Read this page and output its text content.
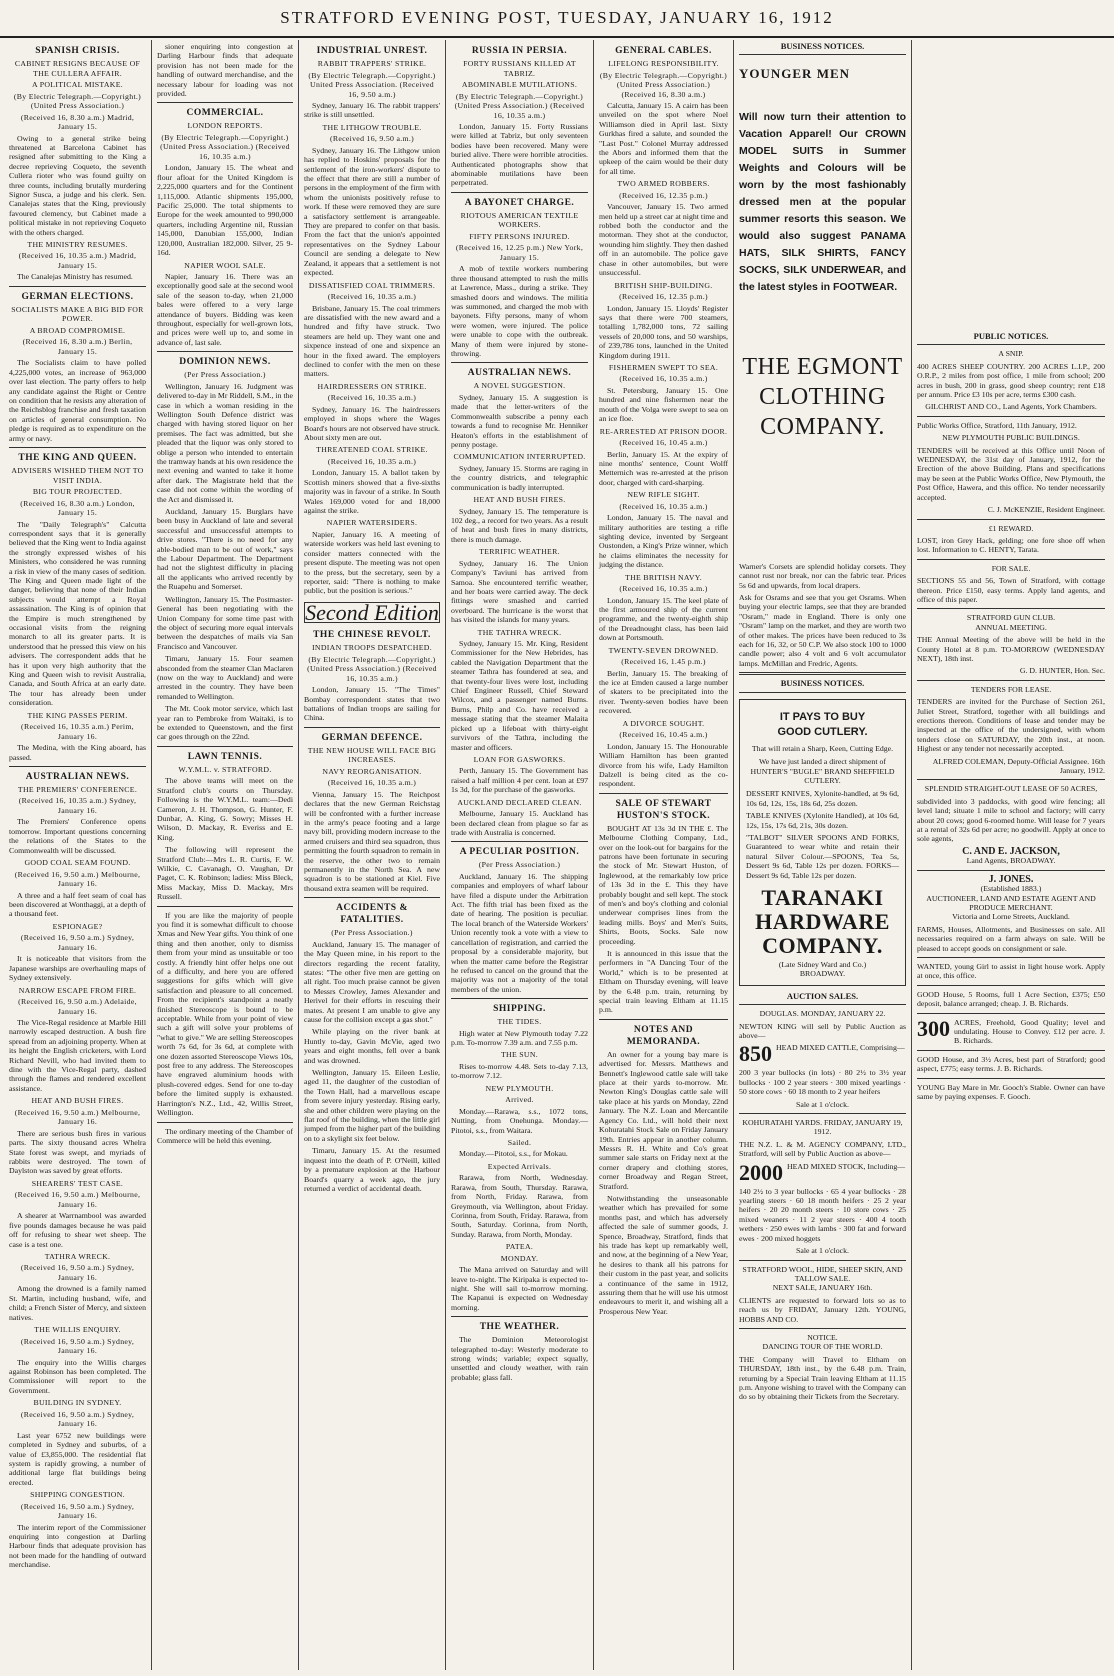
STRATFORD EVENING POST, TUESDAY, JANUARY 16, 1912
SPANISH CRISIS.
CABINET RESIGNS BECAUSE OF THE CULLERA AFFAIR.
A POLITICAL MISTAKE.
(By Electric Telegraph.—Copyright.) (United Press Association.)
(Received 16, 8.30 a.m.) Madrid, January 15.

Owing to a general strike being threatened at Barcelona Cabinet has resigned after submitting to the King a decree reprieving Coqueto, the seventh Cullera rioter who was found guilty on three counts, including brutally murdering Signor Susca, a judge and his clerk. Sen. Canalejas states that the King, previously favoured clemency, but Cabinet made a political mistake in not reprieving Coqueto with the others charged.

THE MINISTRY RESUMES.
(Received 16, 10.35 a.m.) Madrid, January 15.

The Canalejas Ministry has resumed.

GERMAN ELECTIONS.
SOCIALISTS MAKE A BIG BID FOR POWER.
A BROAD COMPROMISE.
(Received 16, 8.30 a.m.) Berlin, January 15.

The Socialists claim to have polled 4,225,000 votes, an increase of 963,000 over last election. The party offers to help any candidate against the Right or Centre on condition that he resists any alteration of the Reichsblog franchise and fresh taxation on articles of general consumption. No pledge is required as to expenditure on the army or navy.

THE KING AND QUEEN.
ADVISERS WISHED THEM NOT TO VISIT INDIA.
BIG TOUR PROJECTED.
(Received 16, 8.30 a.m.) London, January 15.

The "Daily Telegraph's" Calcutta correspondent says that it is generally believed that the King went to India against the strongly expressed wishes of his Ministers, who considered he was running a risk in view of the many cases of sedition. The King and Queen made light of the danger, believing that none of their Indian subjects would attempt a Royal assassination. The King is of opinion that the Empire is much strengthened by occasional visits from the reigning monarch to all its greater parts. It is understood that he pressed this view on his advisers. The correspondent adds that he has it upon very high authority that the King and Queen wish to revisit Australia, Canada, and South Africa at an early date. The tour has already been under consideration.

THE KING PASSES PERIM.
(Received 16, 10.35 a.m.) Perim, January 16.

The Medina, with the King aboard, has passed.

AUSTRALIAN NEWS.
THE PREMIERS' CONFERENCE.
(Received 16, 10.35 a.m.) Sydney, January 16.

The Premiers' Conference opens tomorrow. Important questions concerning the relations of the States to the Commonwealth will be discussed.

GOOD COAL SEAM FOUND.
(Received 16, 9.50 a.m.) Melbourne, January 16.

A three and a half feet seam of coal has been discovered at Wonthaggi, at a depth of a thousand feet.

ESPIONAGE?
(Received 16, 9.50 a.m.) Sydney, January 16.

It is noticeable that visitors from the Japanese warships are overhauling maps of Sydney extensively.

NARROW ESCAPE FROM FIRE.
(Received 16, 9.50 a.m.) Adelaide, January 16.

The Vice-Regal residence at Marble Hill narrowly escaped destruction. A bush fire spread from an adjoining property. When at its height the English cricketers, with Lord Richard Nevill, who had invited them to dine with the Vice-Regal party, dashed through the flames and rendered excellent assistance.

HEAT AND BUSH FIRES.
(Received 16, 9.50 a.m.) Melbourne, January 16.

There are serious bush fires in various parts. The sixty thousand acres Whelra State forest was swept, and myriads of rabbits were destroyed. The town of Daylston was saved by great efforts.

SHEARERS' TEST CASE.
(Received 16, 9.50 a.m.) Melbourne, January 16.

A shearer at Warrnambool was awarded five pounds damages because he was paid off for refusing to shear wet sheep. The case is a test one.

TATHRA WRECK.
(Received 16, 9.50 a.m.) Sydney, January 16.

Among the drowned is a family named St. Martin, including husband, wife, and child; a French Sister of Mercy, and sixteen natives.

THE WILLIS ENQUIRY.
(Received 16, 9.50 a.m.) Sydney, January 16.

The enquiry into the Willis charges against Robinson has been completed. The Commissioner will report to the Government.

BUILDING IN SYDNEY.
(Received 16, 9.50 a.m.) Sydney, January 16.

Last year 6752 new buildings were completed in Sydney and suburbs, of a value of £3,855,000. The residential flat system is rapidly growing, a number of additional large flat buildings being erected.

SHIPPING CONGESTION.
(Received 16, 9.50 a.m.) Sydney, January 16.

The interim report of the Commissioner enquiring into congestion at Darling Harbour finds that adequate provision has not been made for the handling of outward merchandise.

sioner enquiring into congestion at Darling Harbour finds that adequate provision has not been made for the handling of outward merchandise, and the necessary labour for loading was not provided.

COMMERCIAL.
LONDON REPORTS.
(By Electric Telegraph.—Copyright.) (United Press Association.) (Received 16, 10.35 a.m.)

London, January 15. The wheat and flour afloat for the United Kingdom is 2,225,000 quarters and for the Continent 1,115,000. Atlantic shipments 195,000, Pacific 25,000. The total shipments to Europe for the week amounted to 990,000 quarters, including Argentine nil, Russian 145,000, Danubian 155,000, Indian 120,000, Australian 182,000. Silver, 25 9-16d.

NAPIER WOOL SALE.

Napier, January 16. There was an exceptionally good sale at the second wool sale of the season to-day, when 21,000 bales were offered to a very large attendance of buyers. Bidding was keen throughout, especially for well-grown lots, and prices were well up to, and some in advance of, last sale.

DOMINION NEWS.
(Per Press Association.)

Wellington, January 16. Judgment was delivered to-day in Mr Riddell, S.M., in the case in which a woman residing in the Wellington South Defence district was charged with having stored liquor on her premises. The fact was admitted, but she pleaded that the liquor was only stored to oblige a person who intended to entertain the tramway hands at his own residence the next evening and wanted to take it home after dark. The Magistrate held that the case did not come within the wording of the Act and dismissed it.

Auckland, January 15. Burglars have been busy in Auckland of late and several successful and unsuccessful attempts to drive stores. "There is no need for any able-bodied man to be out of work," says the Labour Department. The Department had not the slightest difficulty in placing all the applicants who arrived recently by the Ruapehu and Somerset.

Wellington, January 15. The Postmaster-General has been negotiating with the Union Company for some time past with the object of securing more equal intervals between the despatches of mails via San Francisco and Vancouver.

Timaru, January 15. Four seamen absconded from the steamer Clan Maclaren (now on the way to Auckland) and were arrested in the country. They have been remanded to Wellington.

The Mt. Cook motor service, which last year ran to Pembroke from Waitaki, is to be extended to Queenstown, and the first car goes through on the 22nd.

LAWN TENNIS.
W.Y.M.L. v. STRATFORD.

The above teams will meet on the Stratford club's courts on Thursday. Following is the W.Y.M.L. team:—Dedi Cameron, J. H. Thompson, G. Hunter, F. Dunbar, A. King, G. Sowry; Misses H. Wilson, D. Mackay, R. Everiss and E. King.

The following will represent the Stratford Club:—Mrs L. R. Curtis, F. W. Wilkie, C. Cavanagh, O. Vaughan, Dr Paget, C. K. Robinson; ladies: Miss Bleck, Miss Mackay, Miss D. Mackay, Mrs Russell.

If you are like the majority of people you find it is somewhat difficult to choose Xmas and New Year gifts. You think of one thing and then another, only to dismiss them from your mind as unsuitable or too costly. A friendly hint offer helps one out of a difficulty, and here you are offered suggestions for gifts which will give satisfaction and pleasure to all concerned. From the recipient's standpoint a neatly finished Stereoscope is bound to be acceptable. While from your point of view such a gift will solve your problems of "what to give." We are selling Stereoscopes worth 7s 6d, for 3s 6d, at complete with one dozen assorted Stereoscope Views 10s, post free to any address. The Stereoscopes have engraved aluminium hoods with plush-covered edges. Send for one to-day before the limited supply is exhausted. Harrington's N.Z., Ltd., 42, Willis Street, Wellington.

The ordinary meeting of the Chamber of Commerce will be held this evening.

INDUSTRIAL UNREST.
RABBIT TRAPPERS' STRIKE.
(By Electric Telegraph.—Copyright.) United Press Association. (Received 16, 9.50 a.m.)

Sydney, January 16. The rabbit trappers' strike is still unsettled.

THE LITHGOW TROUBLE.
(Received 16, 9.50 a.m.)

Sydney, January 16. The Lithgow union has replied to Hoskins' proposals for the settlement of the iron-workers' dispute to the effect that there are still a number of persons in the employment of the firm with whom the unionists positively refuse to work. If these were removed they are sure a satisfactory settlement is arrangeable. They are prepared to confer on that basis. From the fact that the union's appointed representatives on the Sydney Labour Council are sending a delegate to New Zealand, it appears that a settlement is not expected.

DISSATISFIED COAL TRIMMERS.
(Received 16, 10.35 a.m.)

Brisbane, January 15. The coal trimmers are dissatisfied with the new award and a hundred and fifty have struck. Two steamers are held up. They want one and sixpence instead of one and sixpence an hour in the fixed award. The employers declined to confer with the men on these matters.

HAIRDRESSERS ON STRIKE.
(Received 16, 10.35 a.m.)

Sydney, January 16. The hairdressers employed in shops where the Wages Board's hours are not observed have struck. About sixty men are out.

THREATENED COAL STRIKE.
(Received 16, 10.35 a.m.)

London, January 15. A ballot taken by Scottish miners showed that a five-sixths majority was in favour of a strike. In South Wales 169,000 voted for and 18,000 against the strike.

NAPIER WATERSIDERS.

Napier, January 16. A meeting of waterside workers was held last evening to consider matters connected with the present dispute. The meeting was not open to the press, but the secretary, seen by a reporter, said: "There is nothing to make public, but the position is serious."

Second Edition
THE CHINESE REVOLT.
INDIAN TROOPS DESPATCHED.
(By Electric Telegraph.—Copyright.) (United Press Association.) (Received 16, 10.35 a.m.)

London, January 15. "The Times" Bombay correspondent states that two battalions of Indian troops are sailing for China.

GERMAN DEFENCE.
THE NEW HOUSE WILL FACE BIG INCREASES.
NAVY REORGANISATION.
(Received 16, 10.35 a.m.)

Vienna, January 15. The Reichpost declares that the new German Reichstag will be confronted with a further increase in the army's peace footing and a large navy bill, providing modern increase to the armed cruisers and third sea squadron, thus permitting the fourth squadron to remain in the reserve, the other two to remain permanently in the North Sea. A new squadron is to be stationed at Kiel. Five thousand extra seamen will be required.

ACCIDENTS & FATALITIES.
(Per Press Association.)

Auckland, January 15. The manager of the May Queen mine, in his report to the directors regarding the recent fatality, states: "The other five men are getting on all right. Too much praise cannot be given to Messrs Crowley, James Alexander and Herivel for their efforts in rescuing their mates. At present I am unable to give any cause for the collision except a gas shot."

While playing on the river bank at Huntly to-day, Gavin McVie, aged two years and eight months, fell over a bank and was drowned.

Wellington, January 15. Eileen Leslie, aged 11, the daughter of the custodian of the Town Hall, had a marvellous escape from severe injury yesterday. Rising early, she and other children were playing on the flat roof of the building, when the little girl jumped from the higher part of the building on to a skylight six feet below.

Timaru, January 15. At the resumed inquest into the death of P. O'Neill, killed by a premature explosion at the Harbour Board's quarry a week ago, the jury returned a verdict of accidental death.

RUSSIA IN PERSIA.
FORTY RUSSIANS KILLED AT TABRIZ.
ABOMINABLE MUTILATIONS.
(By Electric Telegraph.—Copyright.) (United Press Association.) (Received 16, 10.35 a.m.)

London, January 15. Forty Russians were killed at Tabriz, but only seventeen bodies have been recovered. Many were buried alive. There were horrible atrocities. Authenticated photographs show that abominable mutilations have been perpetrated.

A BAYONET CHARGE.
RIOTOUS AMERICAN TEXTILE WORKERS.
FIFTY PERSONS INJURED.
(Received 16, 12.25 p.m.) New York, January 15.

A mob of textile workers numbering three thousand attempted to rush the mills at Lawrence, Mass., during a strike. They smashed doors and windows. The militia was summoned, and charged the mob with bayonets. Fifty persons, many of whom were women, were injured. The police were unable to cope with the outbreak. Many of them were injured by stone-throwing.

AUSTRALIAN NEWS.
A NOVEL SUGGESTION.

Sydney, January 15. A suggestion is made that the letter-writers of the Commonwealth subscribe a penny each towards a fund to recognise Mr. Henniker Heaton's efforts in the establishment of penny postage.

COMMUNICATION INTERRUPTED.

Sydney, January 15. Storms are raging in the country districts, and telegraphic communication is badly interrupted.

HEAT AND BUSH FIRES.

Sydney, January 15. The temperature is 102 deg., a record for two years. As a result of heat and bush fires in many districts, there is much damage.

TERRIFIC WEATHER.

Sydney, January 16. The Union Company's Taviuni has arrived from Samoa. She encountered terrific weather, and her boats were carried away. The deck fittings were smashed and carried overboard. The hurricane is the worst that has visited the islands for many years.

THE TATHRA WRECK.

Sydney, January 15. Mr. King, Resident Commissioner for the New Hebrides, has cabled the Navigation Department that the steamer Tathra has foundered at sea, and that twenty-four lives were lost, including Chief Engineer Russell, Chief Steward Wilcox, and a passenger named Burns. Burns, Philp and Co. have received a message stating that the steamer Malaita picked up a lifeboat with thirty-eight survivors of the Tathra, including the master and officers.

LOAN FOR GASWORKS.

Perth, January 15. The Government has raised a half million 4 per cent. loan at £97 1s 3d, for the purchase of the gasworks.

AUCKLAND DECLARED CLEAN.

Melbourne, January 15. Auckland has been declared clean from plague so far as trade with Australia is concerned.

A PECULIAR POSITION.
(Per Press Association.)

Auckland, January 16. The shipping companies and employers of wharf labour have filed a dispute under the Arbitration Act. The fifth trial has been fixed as the date of hearing. The position is peculiar. The local branch of the Waterside Workers' Union recently took a vote with a view to cancellation of registration, and carried the proposal by a considerable majority, but when the matter came before the Registrar he refused to cancel on the ground that the majority was not a majority of the total members of the union.

SHIPPING.
THE TIDES.

High water at New Plymouth today 7.22 p.m. To-morrow 7.39 a.m. and 7.55 p.m.

THE SUN.

Rises to-morrow 4.48. Sets to-day 7.13, to-morrow 7.12.

NEW PLYMOUTH.
Arrived.

Monday.—Rarawa, s.s., 1072 tons, Nutting, from Onehunga. Monday.—Pitotoi, s.s., from Waitara.

Sailed.

Monday.—Pitotoi, s.s., for Mokau.

Expected Arrivals.

Rarawa, from North, Wednesday. Rarawa, from South, Thursday. Rarawa, from North, Friday. Rarawa, from Greymouth, via Wellington, about Friday. Corinna, from South, Friday. Rarawa, from South, Saturday. Corinna, from North, Sunday. Rarawa, from North, Monday.

PATEA.
MONDAY.

The Mana arrived on Saturday and will leave to-night. The Kiripaka is expected to-night. She will sail to-morrow morning. The Kapanui is expected on Wednesday morning.

THE WEATHER.

The Dominion Meteorologist telegraphed to-day: Westerly moderate to strong winds; variable; expect squally, unsettled and cloudy weather, with rain probable; glass fall.

GENERAL CABLES.
LIFELONG RESPONSIBILITY.
(By Electric Telegraph.—Copyright.) (United Press Association.) (Received 16, 8.30 a.m.)

Calcutta, January 15. A cairn has been unveiled on the spot where Noel Williamson died in April last. Sixty Gurkhas fired a salute, and sounded the "Last Post." Colonel Murray addressed the Abors and informed them that the upkeep of the cairn would be their duty for all time.

TWO ARMED ROBBERS.
(Received 16, 12.35 p.m.)

Vancouver, January 15. Two armed men held up a street car at night time and robbed both the conductor and the motorman. They shot at the conductor, wounding him slightly. They then dashed off in an automobile. The police gave chase in other automobiles, but were unsuccessful.

BRITISH SHIP-BUILDING.
(Received 16, 12.35 p.m.)

London, January 15. Lloyds' Register says that there were 700 steamers, totalling 1,782,000 tons, 72 sailing vessels of 20,000 tons, and 50 warships, of 239,786 tons, launched in the United Kingdom during 1911.

FISHERMEN SWEPT TO SEA.
(Received 16, 10.35 a.m.)

St. Petersburg, January 15. One hundred and nine fishermen near the mouth of the Volga were swept to sea on an ice floe.

RE-ARRESTED AT PRISON DOOR.
(Received 16, 10.45 a.m.)

Berlin, January 15. At the expiry of nine months' sentence, Count Wolff Metternich was re-arrested at the prison door, charged with card-sharping.

NEW RIFLE SIGHT.
(Received 16, 10.35 a.m.)

London, January 15. The naval and military authorities are testing a rifle sighting device, invented by Sergeant Oustonden, a King's Prize winner, which he claims eliminates the necessity for judging the distance.

THE BRITISH NAVY.
(Received 16, 10.35 a.m.)

London, January 15. The keel plate of the first armoured ship of the current programme, and the twenty-eighth ship of the Dreadnought class, has been laid down at Portsmouth.

TWENTY-SEVEN DROWNED.
(Received 16, 1.45 p.m.)

Berlin, January 15. The breaking of the ice at Emden caused a large number of skaters to be precipitated into the river. Twenty-seven bodies have been recovered.

A DIVORCE SOUGHT.
(Received 16, 10.45 a.m.)

London, January 15. The Honourable William Hamilton has been granted divorce from his wife, Lady Hamilton Dalzell is being cited as the co-respondent.

SALE OF STEWART HUSTON'S STOCK.

BOUGHT AT 13s 3d IN THE £. The Melbourne Clothing Company, Ltd., over on the look-out for bargains for the patrons have been fortunate in securing the stock of Mr. Stewart Huston, of Inglewood, at the remarkably low price of 13s 3d in the £. This they have probably bought and sell kept. The stock of men's and boy's clothing and colonial underwear comprises lines from the leading mills. Boys' and Men's Suits, Shirts, Boots, Socks. Sale now proceeding.

It is announced in this issue that the performers in "A Dancing Tour of the World," which is to be presented at Eltham on Thursday evening, will leave by the 6.48 p.m. train, returning by special train leaving Eltham at 11.15 p.m.

NOTES AND MEMORANDA.

An owner for a young bay mare is advertised for. Messrs. Matthews and Bennett's Inglewood cattle sale will take place at their yards to-morrow. Mr. Newton King's Douglas cattle sale will take place at his yards on Monday, 22nd January. The N.Z. Loan and Mercantile Agency Co. Ltd., will hold their next Kohuratahi Stock Sale on Friday January 19th. Entries appear in another column. Messrs R. H. White and Co's great summer sale starts on Friday next at the corner drapery and clothing stores, corner Broadway and Regan Street, Stratford.

Notwithstanding the unseasonable weather which has prevailed for some months past, and which has adversely affected the sale of summer goods, J. Spence, Broadway, Stratford, finds that his trade has kept up remarkably well, and now, at the beginning of a New Year, he desires to thank all his patrons for their custom in the past year, and solicits a continuance of the same in 1912, assuring them that he will use his utmost endeavours to merit it, and wishing all a Prosperous New Year.

BUSINESS NOTICES.
YOUNGER MEN
Will now turn their attention to Vacation Apparel! Our CROWN MODEL SUITS in Summer Weights and Colours will be worn by the most fashionably dressed men at the popular summer resorts this season. We would also suggest PANAMA HATS, SILK SHIRTS, FANCY SOCKS, SILK UNDERWEAR, and the latest styles in FOOTWEAR.
THE EGMONT CLOTHING COMPANY.

Warner's Corsets are splendid holiday corsets. They cannot rust nor break, nor can the fabric tear. Prices 5s 6d and upwards, from local drapers.

Ask for Osrams and see that you get Osrams. When buying your electric lamps, see that they are branded "Osram," made in England. There is only one "Osram" lamp on the market, and they are worth two of other makes. The prices have been reduced to 3s each for 16, 32, or 50 C.P. We also stock 100 to 1000 candle power; also 4 volt and 6 volt accumulator lamps. McMillan and Fredric, Agents.

BUSINESS NOTICES.
IT PAYS TO BUY GOOD CUTLERY.
That will retain a Sharp, Keen, Cutting Edge.

We have just landed a direct shipment of HUNTER'S "BUGLE" BRAND SHEFFIELD CUTLERY.

DESSERT KNIVES, Xylonite-handled, at 9s 6d, 10s 6d, 12s, 15s, 18s 6d, 25s dozen.

TABLE KNIVES (Xylonite Handled), at 10s 6d, 12s, 15s, 17s 6d, 21s, 30s dozen.

"TALBOT" SILVER SPOONS AND FORKS, Guaranteed to wear white and retain their natural Silver Colour.—SPOONS, Tea 5s, Dessert 9s 6d, Table 12s per dozen. FORKS—Dessert 9s 6d, Table 12s per dozen.

TARANAKI HARDWARE COMPANY.
(Late Sidney Ward and Co.)
BROADWAY.
AUCTION SALES.
DOUGLAS. MONDAY, JANUARY 22.

NEWTON KING will sell by Public Auction as above—

850 HEAD MIXED CATTLE, Comprising—

200 3 year bullocks (in lots) · 80 2½ to 3½ year bullocks · 100 2 year steers · 300 mixed yearlings · 50 store cows · 60 18 month to 2 year heifers

Sale at 1 o'clock.
KOHURATAHI YARDS. FRIDAY, JANUARY 19, 1912.

THE N.Z. L. & M. AGENCY COMPANY, LTD., Stratford, will sell by Public Auction as above—

2000 HEAD MIXED STOCK, Including—

140 2½ to 3 year bullocks · 65 4 year bullocks · 28 yearling steers · 60 18 month heifers · 25 2 year heifers · 20 20 month steers · 10 store cows · 25 mixed weaners · 11 2 year steers · 400 4 tooth wethers · 250 ewes with lambs · 300 fat and forward ewes · 200 mixed hoggets

Sale at 1 o'clock.
STRATFORD WOOL, HIDE, SHEEP SKIN, AND TALLOW SALE.
NEXT SALE, JANUARY 16th.

CLIENTS are requested to forward lots so as to reach us by FRIDAY, January 12th. YOUNG, HOBBS AND CO.

NOTICE.
DANCING TOUR OF THE WORLD.

THE Company will Travel to Eltham on THURSDAY, 18th inst., by the 6.48 p.m. Train, returning by a Special Train leaving Eltham at 11.15 p.m. Anyone wishing to travel with the Company can do so by obtaining their Tickets from the Secretary.

PUBLIC NOTICES.
A SNIP.

400 ACRES SHEEP COUNTRY. 200 ACRES L.I.P., 200 O.R.P., 2 miles from post office, 1 mile from school; 200 acres in bush, 200 in grass, good sheep country; rent £18 per annum. Price £3 10s per acre, terms £300 cash.

GILCHRIST AND CO., Land Agents, York Chambers.

Public Works Office, Stratford, 11th January, 1912.

NEW PLYMOUTH PUBLIC BUILDINGS.

TENDERS will be received at this Office until Noon of WEDNESDAY, the 31st day of January, 1912, for the Erection of the above Building. Plans and specifications may be seen at the Public Works Office, New Plymouth, the Post Office, Hawera, and this office. No tender necessarily accepted.

C. J. McKENZIE, Resident Engineer.
£1 REWARD.

LOST, iron Grey Hack, gelding; one fore shoe off when lost. Information to C. HENTY, Tarata.

FOR SALE.

SECTIONS 55 and 56, Town of Stratford, with cottage thereon. Price £150, easy terms. Apply land agents, and office of this paper.

STRATFORD GUN CLUB.
ANNUAL MEETING.

THE Annual Meeting of the above will be held in the County Hotel at 8 p.m. TO-MORROW (WEDNESDAY NEXT), 18th inst.

G. D. HUNTER, Hon. Sec.
TENDERS FOR LEASE.

TENDERS are invited for the Purchase of Section 261, Juliet Street, Stratford, together with all buildings and erections thereon. Conditions of lease and tender may be inspected at the office of the undersigned, with whom tenders close on SATURDAY, the 20th inst., at noon. Highest or any tender not necessarily accepted.

ALFRED COLEMAN, Deputy-Official Assignee. 16th January, 1912.
SPLENDID STRAIGHT-OUT LEASE OF 50 ACRES,

subdivided into 3 paddocks, with good wire fencing; all level land; situate 1 mile to school and factory; will carry about 20 cows; good 6-roomed home. Will lease for 7 years at a rental of 32s 6d per acre; no goodwill. Apply at once to sole agents,

C. AND E. JACKSON,
Land Agents, BROADWAY.
J. JONES.
(Established 1883.)
AUCTIONEER, LAND AND ESTATE AGENT AND PRODUCE MERCHANT.
Victoria and Lorne Streets, Auckland.

FARMS, Houses, Allotments, and Businesses on sale. All necessaries required on a farm always on sale. Will be pleased to accept goods on consignment or sale.

WANTED, young Girl to assist in light house work. Apply at once, this office.

GOOD House, 5 Rooms, full 1 Acre Section, £375; £50 deposit, balance arranged; cheap. J. B. Richards.

300 ACRES, Freehold, Good Quality; level and undulating. House to Convey. £12 per acre. J. B. Richards.

GOOD House, and 3½ Acres, best part of Stratford; good aspect, £775; easy terms. J. B. Richards.

YOUNG Bay Mare in Mr. Gooch's Stable. Owner can have same by paying expenses. F. Gooch.
